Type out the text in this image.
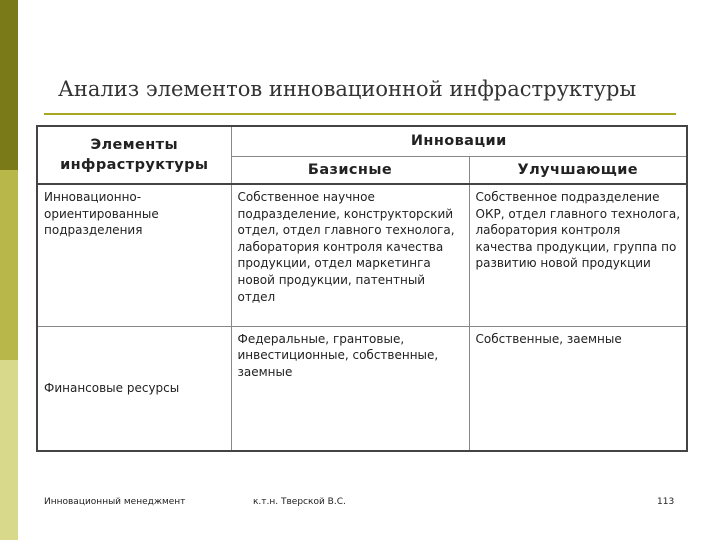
Анализ элементов инновационной инфраструктуры
Элементы инфраструктуры	Инновации	
	Базисные	Улучшающие
Инновационно-ориентированные подразделения	Собственное научное подразделение, конструкторский отдел, отдел главного технолога, лаборатория контроля качества продукции, отдел маркетинга новой продукции, патентный отдел	Собственное подразделение ОКР, отдел главного технолога, лаборатория контроля качества продукции, группа по развитию новой продукции
Финансовые ресурсы	Федеральные, грантовые, инвестиционные, собственные, заемные	Собственные, заемные
Инновационный менеджмент	к.т.н. Тверской В.С.	113
